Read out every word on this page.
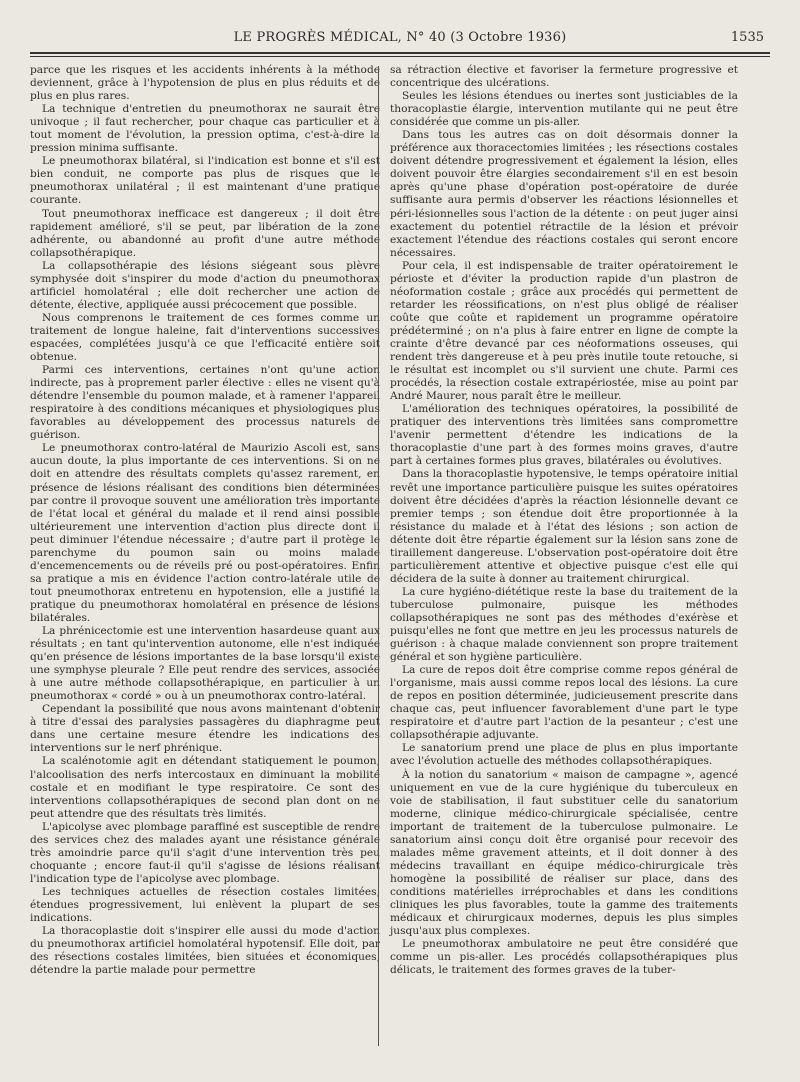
LE PROGRÈS MÉDICAL, N° 40 (3 Octobre 1936)	1535

parce que les risques et les accidents inhérents à la méthode deviennent, grâce à l'hypotension de plus en plus réduits et de plus en plus rares.

La technique d'entretien du pneumothorax ne saurait être univoque ; il faut rechercher, pour chaque cas particulier et à tout moment de l'évolution, la pression optima, c'est-à-dire la pression minima suffisante.

Le pneumothorax bilatéral, si l'indication est bonne et s'il est bien conduit, ne comporte pas plus de risques que le pneumothorax unilatéral ; il est maintenant d'une pratique courante.

Tout pneumothorax inefficace est dangereux ; il doit être rapidement amélioré, s'il se peut, par libération de la zone adhérente, ou abandonné au profit d'une autre méthode collapsothérapique.

La collapsothérapie des lésions siégeant sous plèvre symphysée doit s'inspirer du mode d'action du pneumothorax artificiel homolatéral ; elle doit rechercher une action de détente, élective, appliquée aussi précocement que possible.

Nous comprenons le traitement de ces formes comme un traitement de longue haleine, fait d'interventions successives espacées, complétées jusqu'à ce que l'efficacité entière soit obtenue.

Parmi ces interventions, certaines n'ont qu'une action indirecte, pas à proprement parler élective : elles ne visent qu'à détendre l'ensemble du poumon malade, et à ramener l'appareil respiratoire à des conditions mécaniques et physiologiques plus favorables au développement des processus naturels de guérison.

Le pneumothorax contro-latéral de Maurizio Ascoli est, sans aucun doute, la plus importante de ces interventions. Si on ne doit en attendre des résultats complets qu'assez rarement, en présence de lésions réalisant des conditions bien déterminées par contre il provoque souvent une amélioration très importante de l'état local et général du malade et il rend ainsi possible ultérieurement une intervention d'action plus directe dont il peut diminuer l'étendue nécessaire ; d'autre part il protège le parenchyme du poumon sain ou moins malade d'encemencements ou de réveils pré ou post-opératoires. Enfin sa pratique a mis en évidence l'action contro-latérale utile de tout pneumothorax entretenu en hypotension, elle a justifié la pratique du pneumothorax homolatéral en présence de lésions bilatérales.

La phrénicectomie est une intervention hasardeuse quant aux résultats ; en tant qu'intervention autonome, elle n'est indiquée qu'en présence de lésions importantes de la base lorsqu'il existe une symphyse pleurale ? Elle peut rendre des services, associée à une autre méthode collapsothérapique, en particulier à un pneumothorax « cordé » ou à un pneumothorax contro-latéral.

Cependant la possibilité que nous avons maintenant d'obtenir à titre d'essai des paralysies passagères du diaphragme peut dans une certaine mesure étendre les indications des interventions sur le nerf phrénique.

La scalénotomie agit en détendant statiquement le poumon, l'alcoolisation des nerfs intercostaux en diminuant la mobilité costale et en modifiant le type respiratoire. Ce sont des interventions collapsothérapiques de second plan dont on ne peut attendre que des résultats très limités.

L'apicolyse avec plombage paraffiné est susceptible de rendre des services chez des malades ayant une résistance générale très amoindrie parce qu'il s'agit d'une intervention très peu choquante ; encore faut-il qu'il s'agisse de lésions réalisant l'indication type de l'apicolyse avec plombage.

Les techniques actuelles de résection costales limitées, étendues progressivement, lui enlèvent la plupart de ses indications.

La thoracoplastie doit s'inspirer elle aussi du mode d'action du pneumothorax artificiel homolatéral hypotensif. Elle doit, par des résections costales limitées, bien situées et économiques, détendre la partie malade pour permettre

sa rétraction élective et favoriser la fermeture progressive et concentrique des ulcérations.

Seules les lésions étendues ou inertes sont justiciables de la thoracoplastie élargie, intervention mutilante qui ne peut être considérée que comme un pis-aller.

Dans tous les autres cas on doit désormais donner la préférence aux thoracectomies limitées ; les résections costales doivent détendre progressivement et également la lésion, elles doivent pouvoir être élargies secondairement s'il en est besoin après qu'une phase d'opération post-opératoire de durée suffisante aura permis d'observer les réactions lésionnelles et péri-lésionnelles sous l'action de la détente : on peut juger ainsi exactement du potentiel rétractile de la lésion et prévoir exactement l'étendue des réactions costales qui seront encore nécessaires.

Pour cela, il est indispensable de traiter opératoirement le périoste et d'éviter la production rapide d'un plastron de néoformation costale ; grâce aux procédés qui permettent de retarder les réossifications, on n'est plus obligé de réaliser coûte que coûte et rapidement un programme opératoire prédéterminé ; on n'a plus à faire entrer en ligne de compte la crainte d'être devancé par ces néoformations osseuses, qui rendent très dangereuse et à peu près inutile toute retouche, si le résultat est incomplet ou s'il survient une chute. Parmi ces procédés, la résection costale extrapériostée, mise au point par André Maurer, nous paraît être le meilleur.

L'amélioration des techniques opératoires, la possibilité de pratiquer des interventions très limitées sans compromettre l'avenir permettent d'étendre les indications de la thoracoplastie d'une part à des formes moins graves, d'autre part à certaines formes plus graves, bilatérales ou évolutives.

Dans la thoracoplastie hypotensive, le temps opératoire initial revêt une importance particulière puisque les suites opératoires doivent être décidées d'après la réaction lésionnelle devant ce premier temps ; son étendue doit être proportionnée à la résistance du malade et à l'état des lésions ; son action de détente doit être répartie également sur la lésion sans zone de tiraillement dangereuse. L'observation post-opératoire doit être particulièrement attentive et objective puisque c'est elle qui décidera de la suite à donner au traitement chirurgical.

La cure hygiéno-diététique reste la base du traitement de la tuberculose pulmonaire, puisque les méthodes collapsothérapiques ne sont pas des méthodes d'exérèse et puisqu'elles ne font que mettre en jeu les processus naturels de guérison : à chaque malade conviennent son propre traitement général et son hygiène particulière.

La cure de repos doit être comprise comme repos général de l'organisme, mais aussi comme repos local des lésions. La cure de repos en position déterminée, judicieusement prescrite dans chaque cas, peut influencer favorablement d'une part le type respiratoire et d'autre part l'action de la pesanteur ; c'est une collapsothérapie adjuvante.

Le sanatorium prend une place de plus en plus importante avec l'évolution actuelle des méthodes collapsothérapiques.

À la notion du sanatorium « maison de campagne », agencé uniquement en vue de la cure hygiénique du tuberculeux en voie de stabilisation, il faut substituer celle du sanatorium moderne, clinique médico-chirurgicale spécialisée, centre important de traitement de la tuberculose pulmonaire. Le sanatorium ainsi conçu doit être organisé pour recevoir des malades même gravement atteints, et il doit donner à des médecins travaillant en équipe médico-chirurgicale très homogène la possibilité de réaliser sur place, dans des conditions matérielles irréprochables et dans les conditions cliniques les plus favorables, toute la gamme des traitements médicaux et chirurgicaux modernes, depuis les plus simples jusqu'aux plus complexes.

Le pneumothorax ambulatoire ne peut être considéré que comme un pis-aller. Les procédés collapsothérapiques plus délicats, le traitement des formes graves de la tuber-
